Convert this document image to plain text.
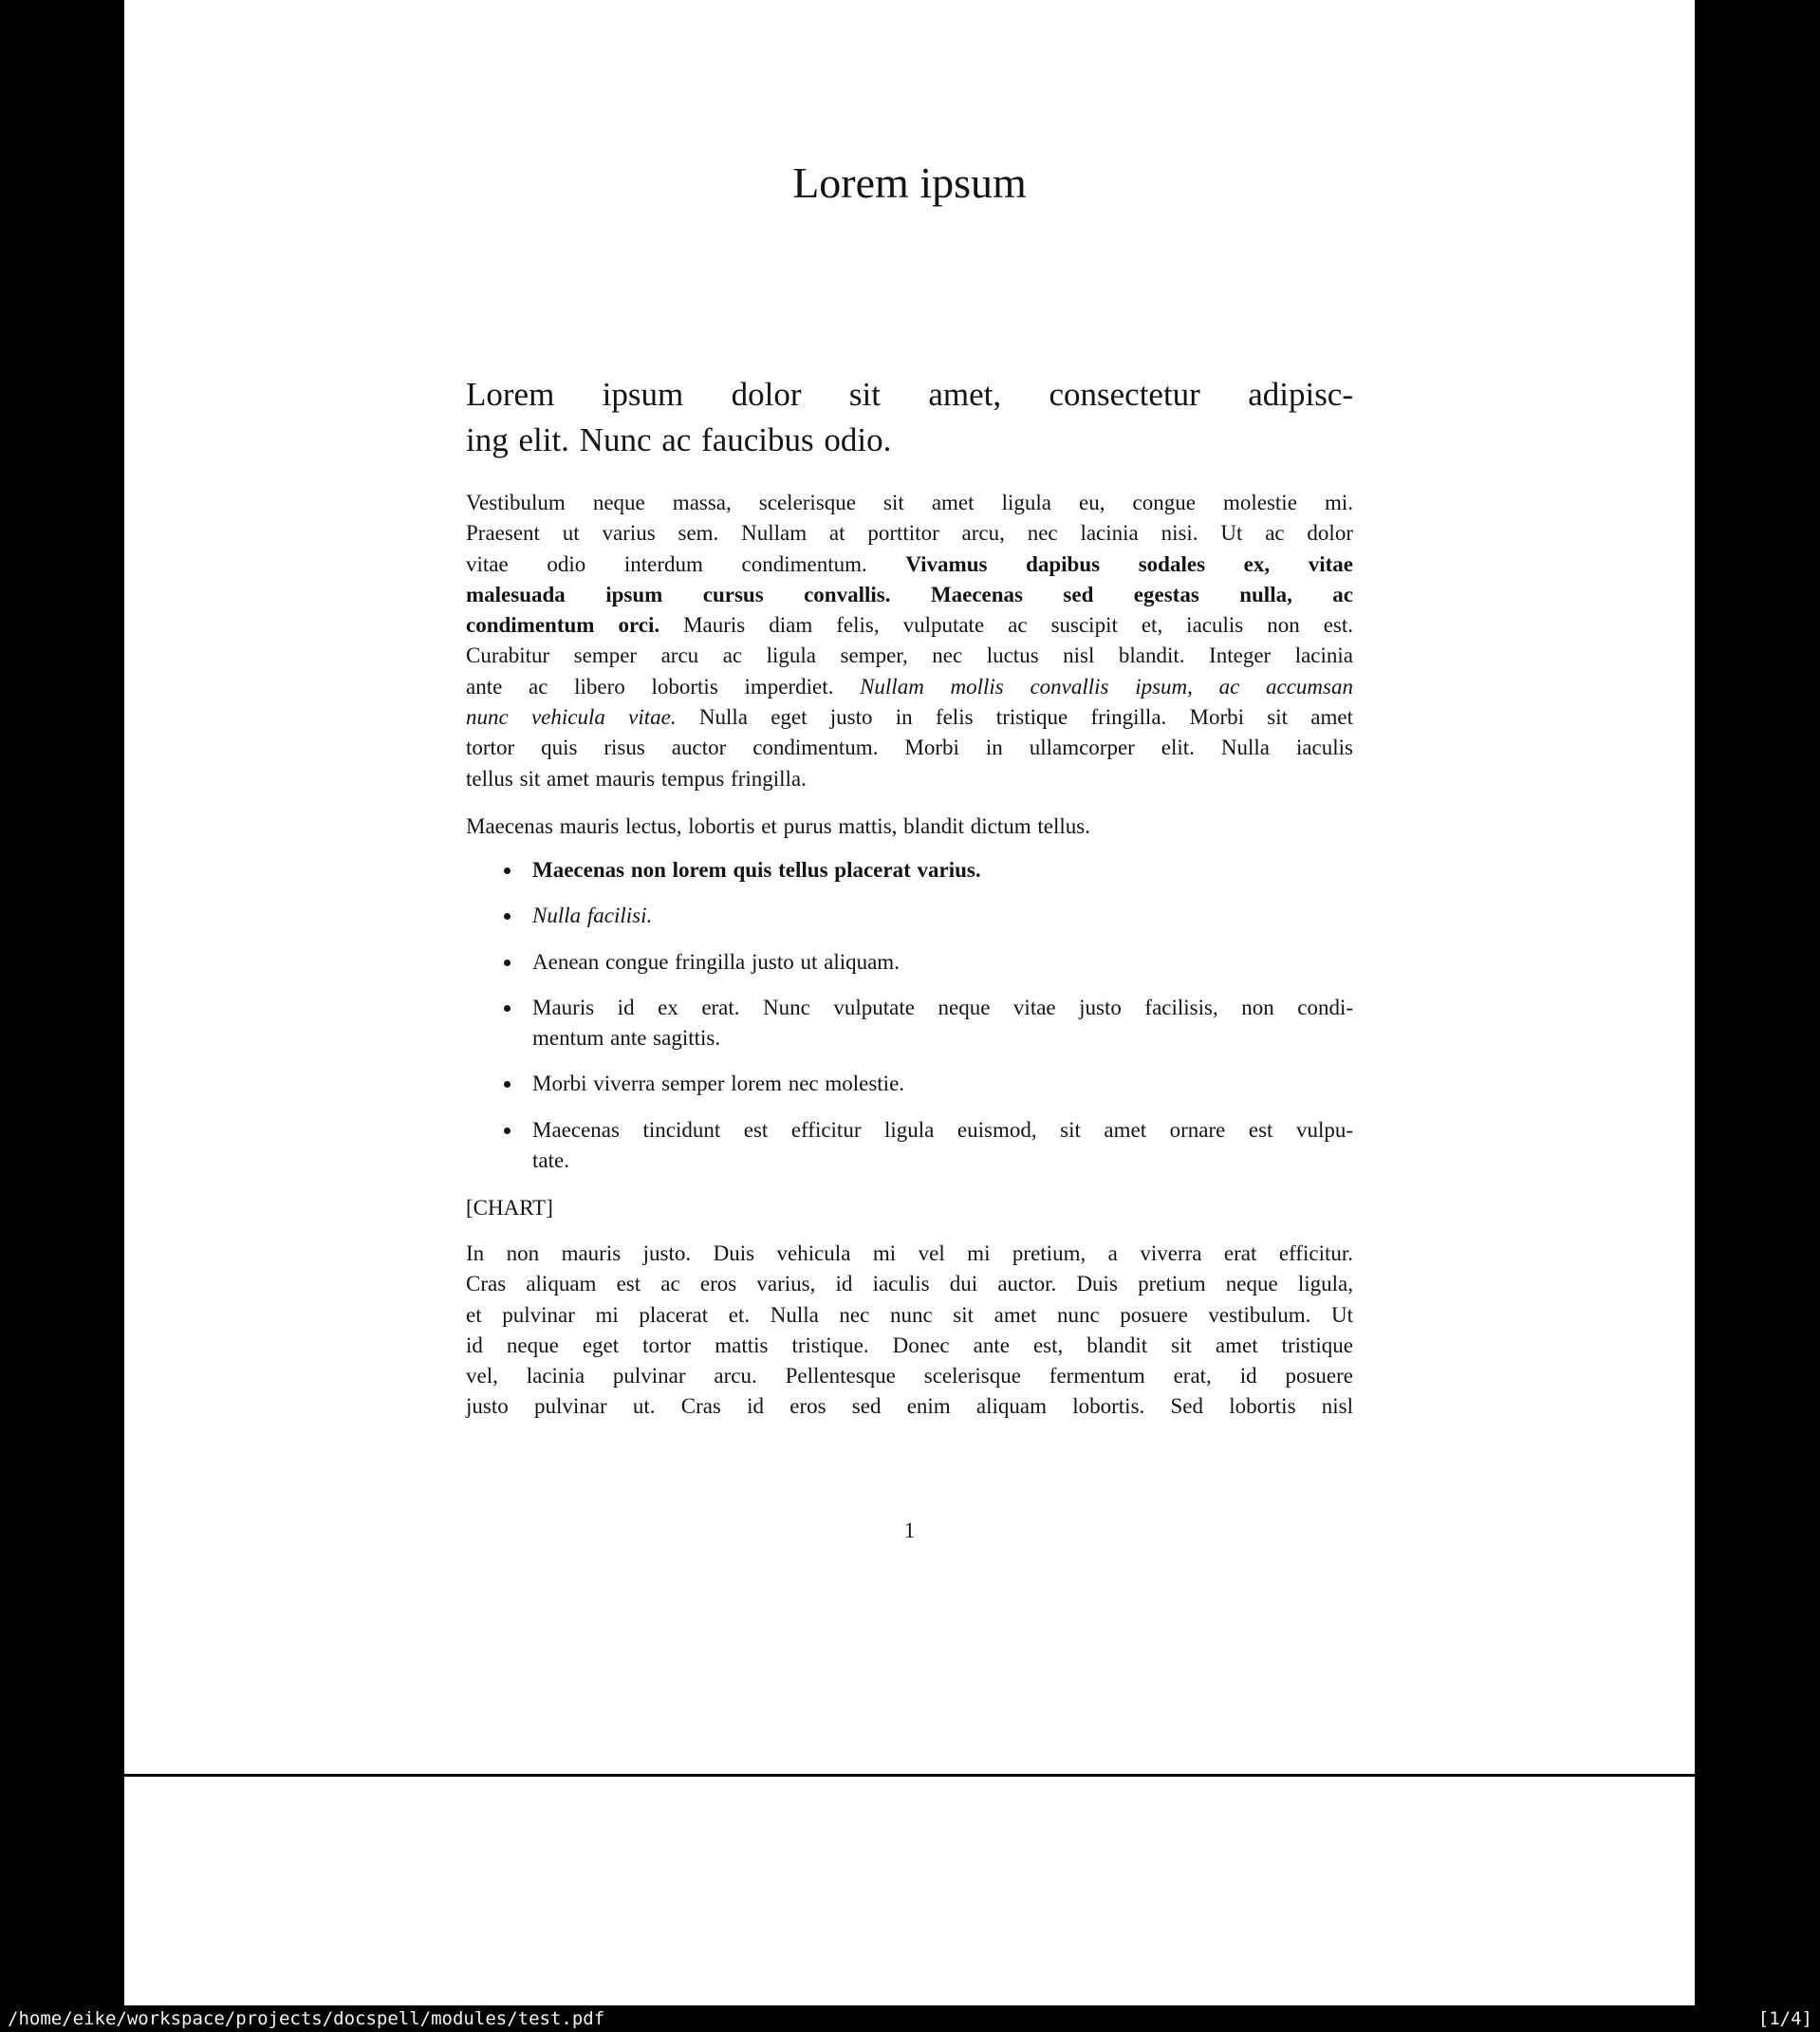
Lorem ipsum
Lorem ipsum dolor sit amet, consectetur adipisc-
ing elit. Nunc ac faucibus odio.
Vestibulum neque massa, scelerisque sit amet ligula eu, congue molestie mi.
Praesent ut varius sem. Nullam at porttitor arcu, nec lacinia nisi. Ut ac dolor
vitae odio interdum condimentum. Vivamus dapibus sodales ex, vitae
malesuada ipsum cursus convallis. Maecenas sed egestas nulla, ac
condimentum orci. Mauris diam felis, vulputate ac suscipit et, iaculis non est.
Curabitur semper arcu ac ligula semper, nec luctus nisl blandit. Integer lacinia
ante ac libero lobortis imperdiet. Nullam mollis convallis ipsum, ac accumsan
nunc vehicula vitae. Nulla eget justo in felis tristique fringilla. Morbi sit amet
tortor quis risus auctor condimentum. Morbi in ullamcorper elit. Nulla iaculis
tellus sit amet mauris tempus fringilla.
Maecenas mauris lectus, lobortis et purus mattis, blandit dictum tellus.
Maecenas non lorem quis tellus placerat varius.
Nulla facilisi.
Aenean congue fringilla justo ut aliquam.
Mauris id ex erat. Nunc vulputate neque vitae justo facilisis, non condi-
mentum ante sagittis.
Morbi viverra semper lorem nec molestie.
Maecenas tincidunt est efficitur ligula euismod, sit amet ornare est vulpu-
tate.
[CHART]
In non mauris justo. Duis vehicula mi vel mi pretium, a viverra erat efficitur.
Cras aliquam est ac eros varius, id iaculis dui auctor. Duis pretium neque ligula,
et pulvinar mi placerat et. Nulla nec nunc sit amet nunc posuere vestibulum. Ut
id neque eget tortor mattis tristique. Donec ante est, blandit sit amet tristique
vel, lacinia pulvinar arcu. Pellentesque scelerisque fermentum erat, id posuere
justo pulvinar ut. Cras id eros sed enim aliquam lobortis. Sed lobortis nisl
1
/home/eike/workspace/projects/docspell/modules/test.pdf	[1/4]
